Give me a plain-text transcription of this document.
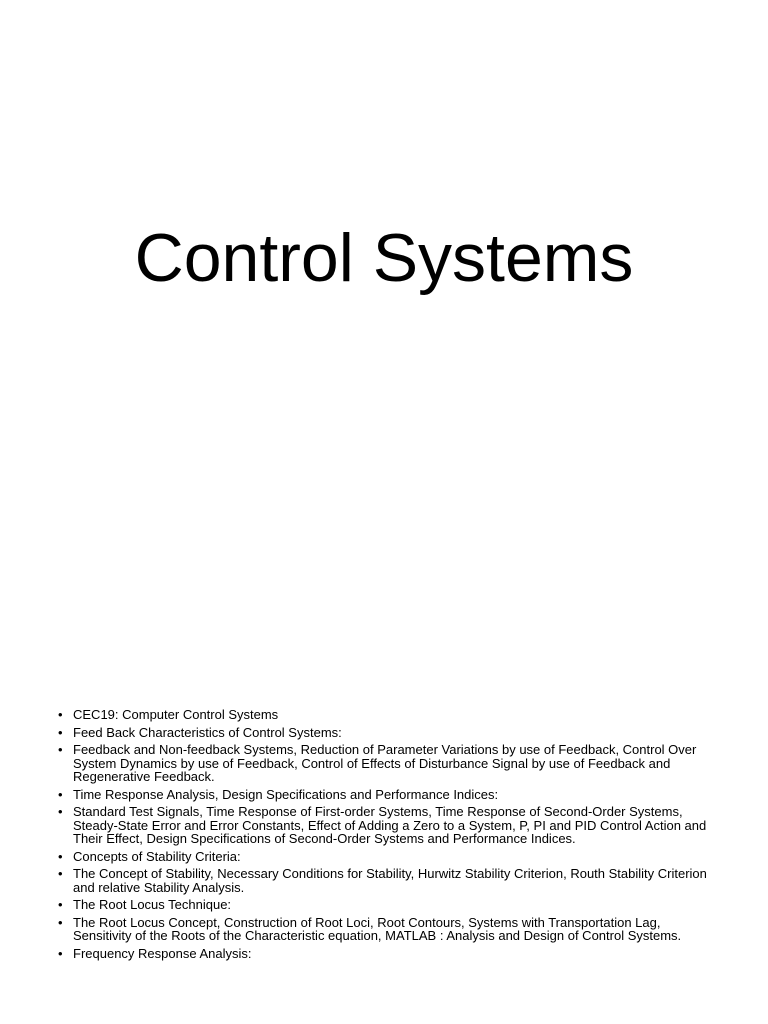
Control Systems
• CEC19: Computer Control Systems
• Feed Back Characteristics of Control Systems:
• Feedback and Non-feedback Systems, Reduction of Parameter Variations by use of Feedback, Control Over System Dynamics by use of Feedback, Control of Effects of Disturbance Signal by use of Feedback and Regenerative Feedback.
• Time Response Analysis, Design Specifications and Performance Indices:
• Standard Test Signals, Time Response of First-order Systems, Time Response of Second-Order Systems, Steady-State Error and Error Constants, Effect of Adding a Zero to a System, P, PI and PID Control Action and Their Effect, Design Specifications of Second-Order Systems and Performance Indices.
• Concepts of Stability Criteria:
• The Concept of Stability, Necessary Conditions for Stability, Hurwitz Stability Criterion, Routh Stability Criterion and relative Stability Analysis.
• The Root Locus Technique:
• The Root Locus Concept, Construction of Root Loci, Root Contours, Systems with Transportation Lag, Sensitivity of the Roots of the Characteristic equation, MATLAB : Analysis and Design of Control Systems.
• Frequency Response Analysis:
